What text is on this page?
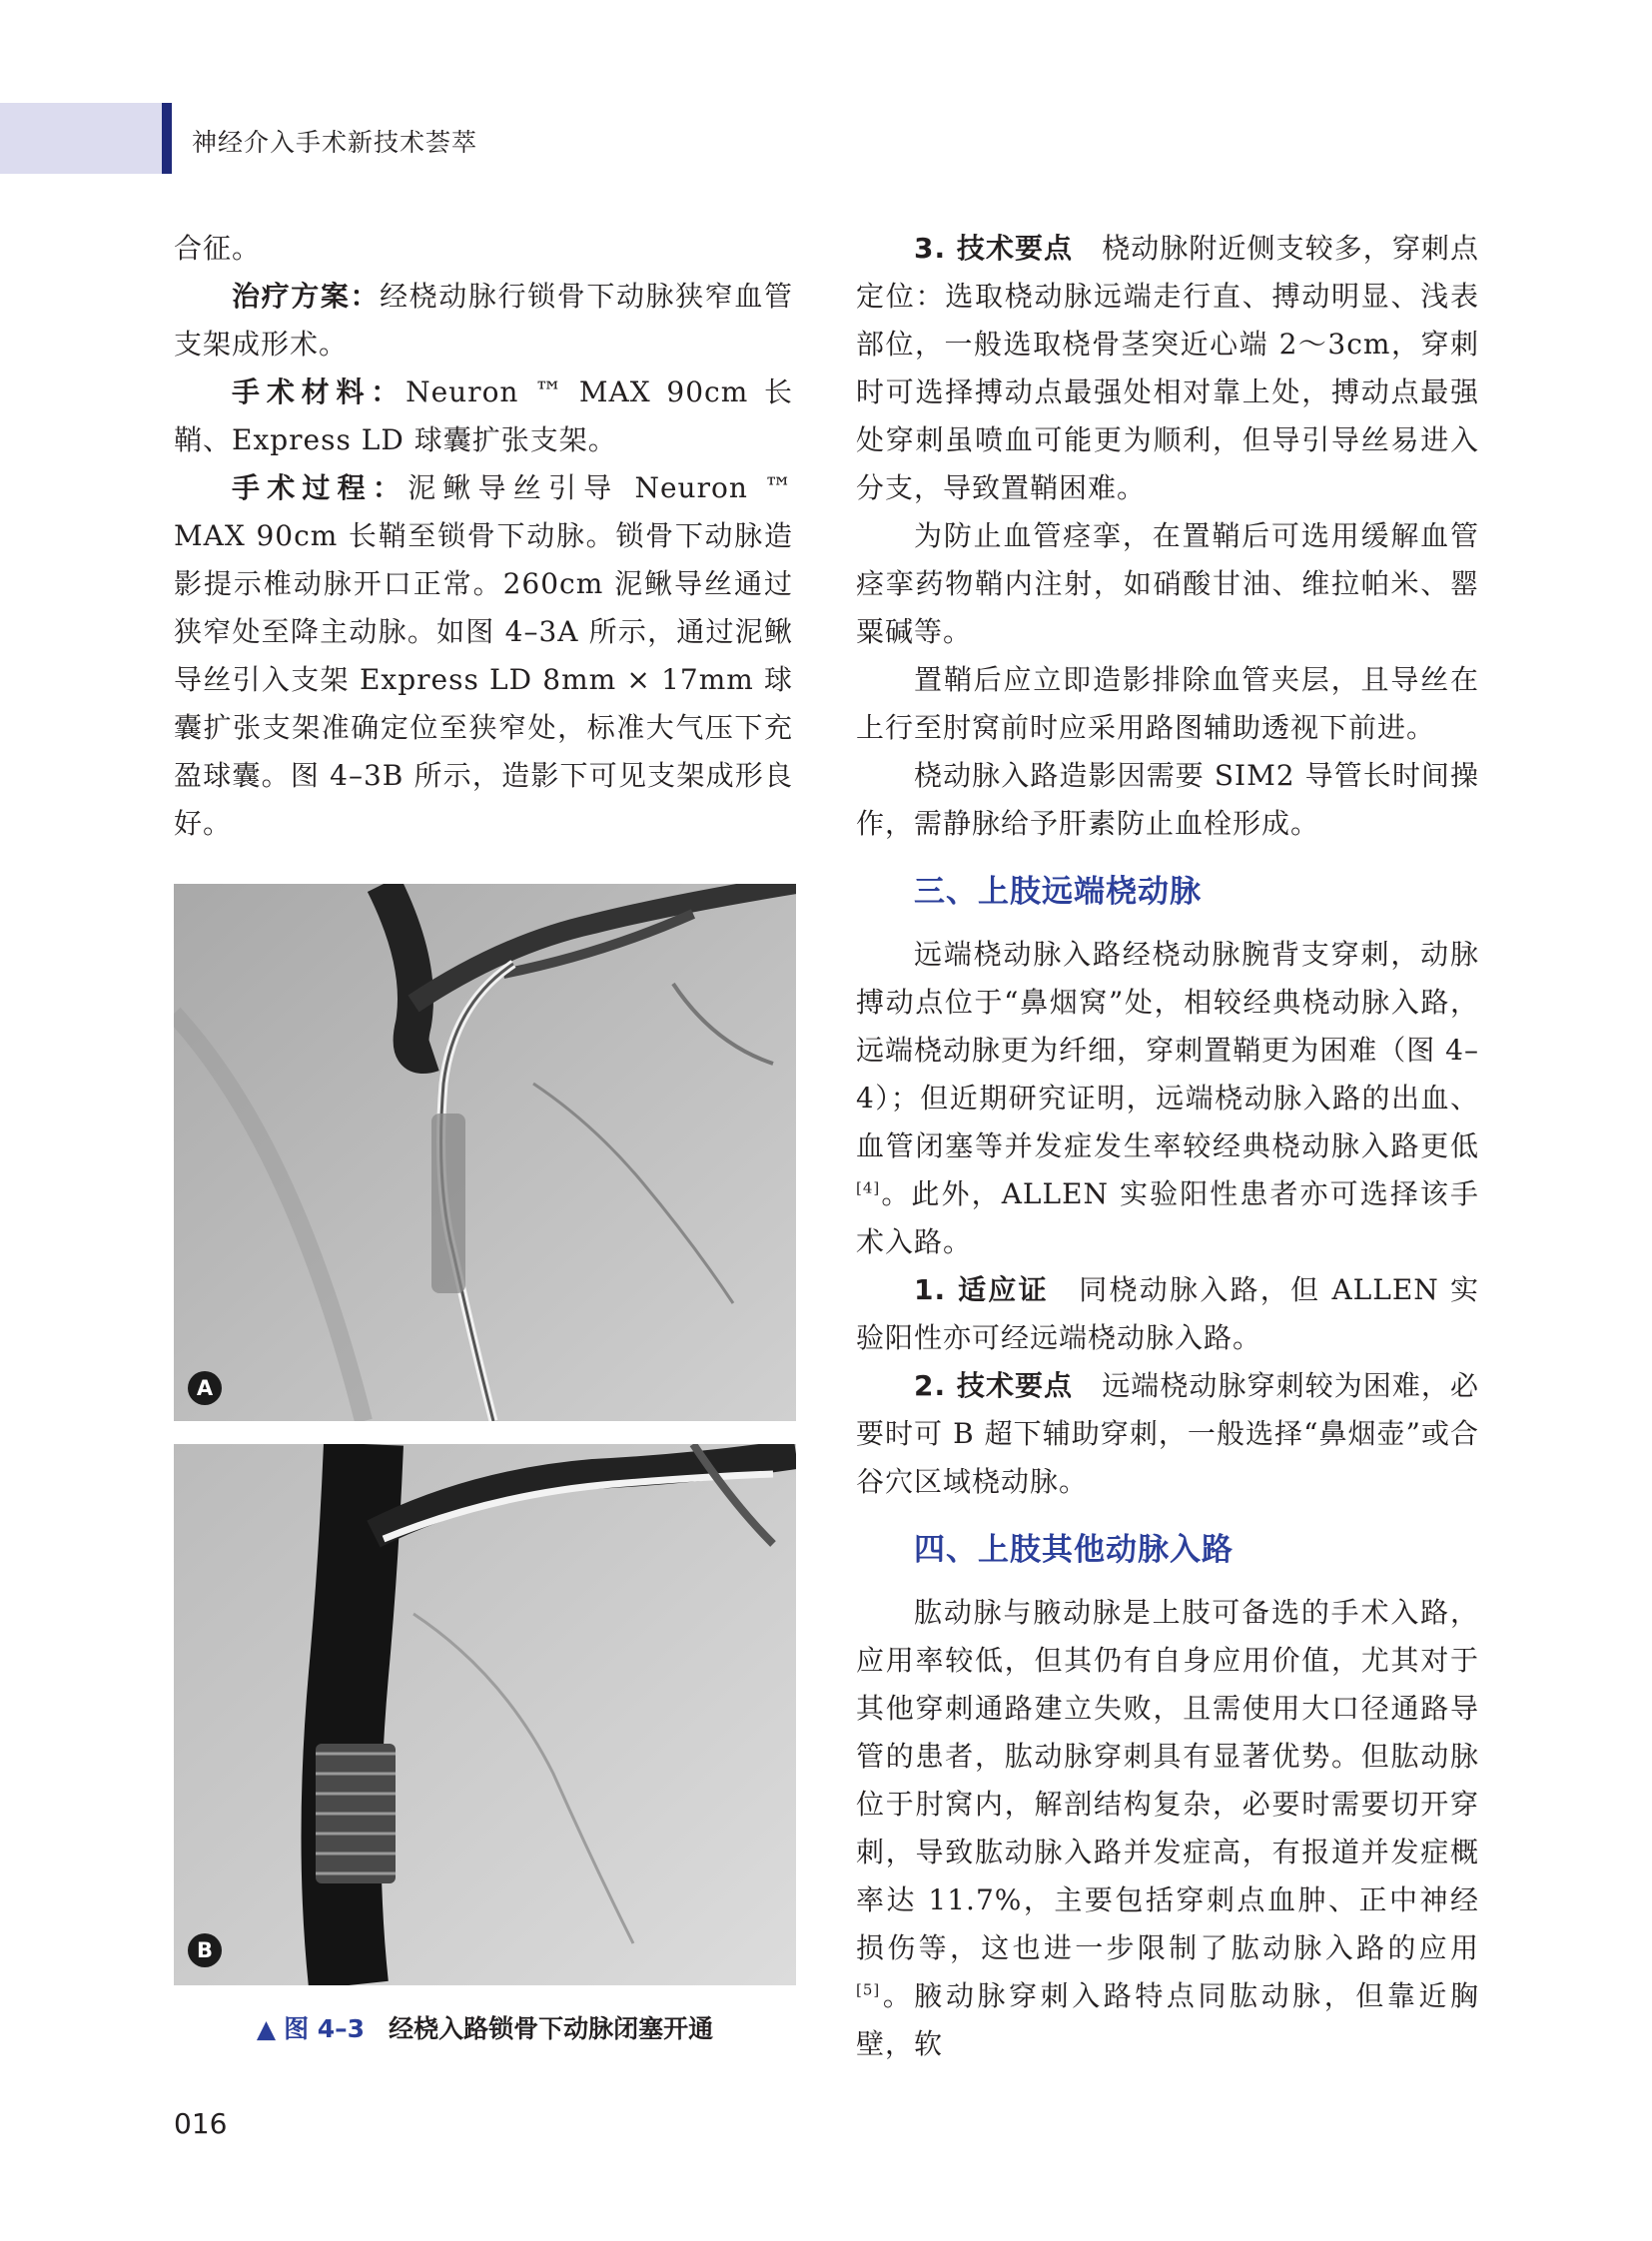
神经介入手术新技术荟萃

合征。

治疗方案：经桡动脉行锁骨下动脉狭窄血管支架成形术。

手术材料：Neuron ™ MAX 90cm 长鞘、Express LD 球囊扩张支架。

手术过程：泥鳅导丝引导 Neuron ™ MAX 90cm 长鞘至锁骨下动脉。锁骨下动脉造影提示椎动脉开口正常。260cm 泥鳅导丝通过狭窄处至降主动脉。如图 4–3A 所示，通过泥鳅导丝引入支架 Express LD 8mm × 17mm 球囊扩张支架准确定位至狭窄处，标准大气压下充盈球囊。图 4–3B 所示，造影下可见支架成形良好。

A
B
▲ 图 4–3 经桡入路锁骨下动脉闭塞开通

3. 技术要点　 桡动脉附近侧支较多，穿刺点定位：选取桡动脉远端走行直、搏动明显、浅表部位，一般选取桡骨茎突近心端 2～3cm，穿刺时可选择搏动点最强处相对靠上处，搏动点最强处穿刺虽喷血可能更为顺利，但导引导丝易进入分支，导致置鞘困难。

为防止血管痉挛，在置鞘后可选用缓解血管痉挛药物鞘内注射，如硝酸甘油、维拉帕米、罂粟碱等。

置鞘后应立即造影排除血管夹层，且导丝在上行至肘窝前时应采用路图辅助透视下前进。

桡动脉入路造影因需要 SIM2 导管长时间操作，需静脉给予肝素防止血栓形成。

三、上肢远端桡动脉

远端桡动脉入路经桡动脉腕背支穿刺，动脉搏动点位于“鼻烟窝”处，相较经典桡动脉入路，远端桡动脉更为纤细，穿刺置鞘更为困难（图 4–4）；但近期研究证明，远端桡动脉入路的出血、血管闭塞等并发症发生率较经典桡动脉入路更低[4]。此外，ALLEN 实验阳性患者亦可选择该手术入路。

1. 适应证　 同桡动脉入路，但 ALLEN 实验阳性亦可经远端桡动脉入路。

2. 技术要点　 远端桡动脉穿刺较为困难，必要时可 B 超下辅助穿刺，一般选择“鼻烟壶”或合谷穴区域桡动脉。

四、上肢其他动脉入路

肱动脉与腋动脉是上肢可备选的手术入路，应用率较低，但其仍有自身应用价值，尤其对于其他穿刺通路建立失败，且需使用大口径通路导管的患者，肱动脉穿刺具有显著优势。但肱动脉位于肘窝内，解剖结构复杂，必要时需要切开穿刺，导致肱动脉入路并发症高，有报道并发症概率达 11.7%，主要包括穿刺点血肿、正中神经损伤等，这也进一步限制了肱动脉入路的应用[5]。腋动脉穿刺入路特点同肱动脉，但靠近胸壁，软

016
